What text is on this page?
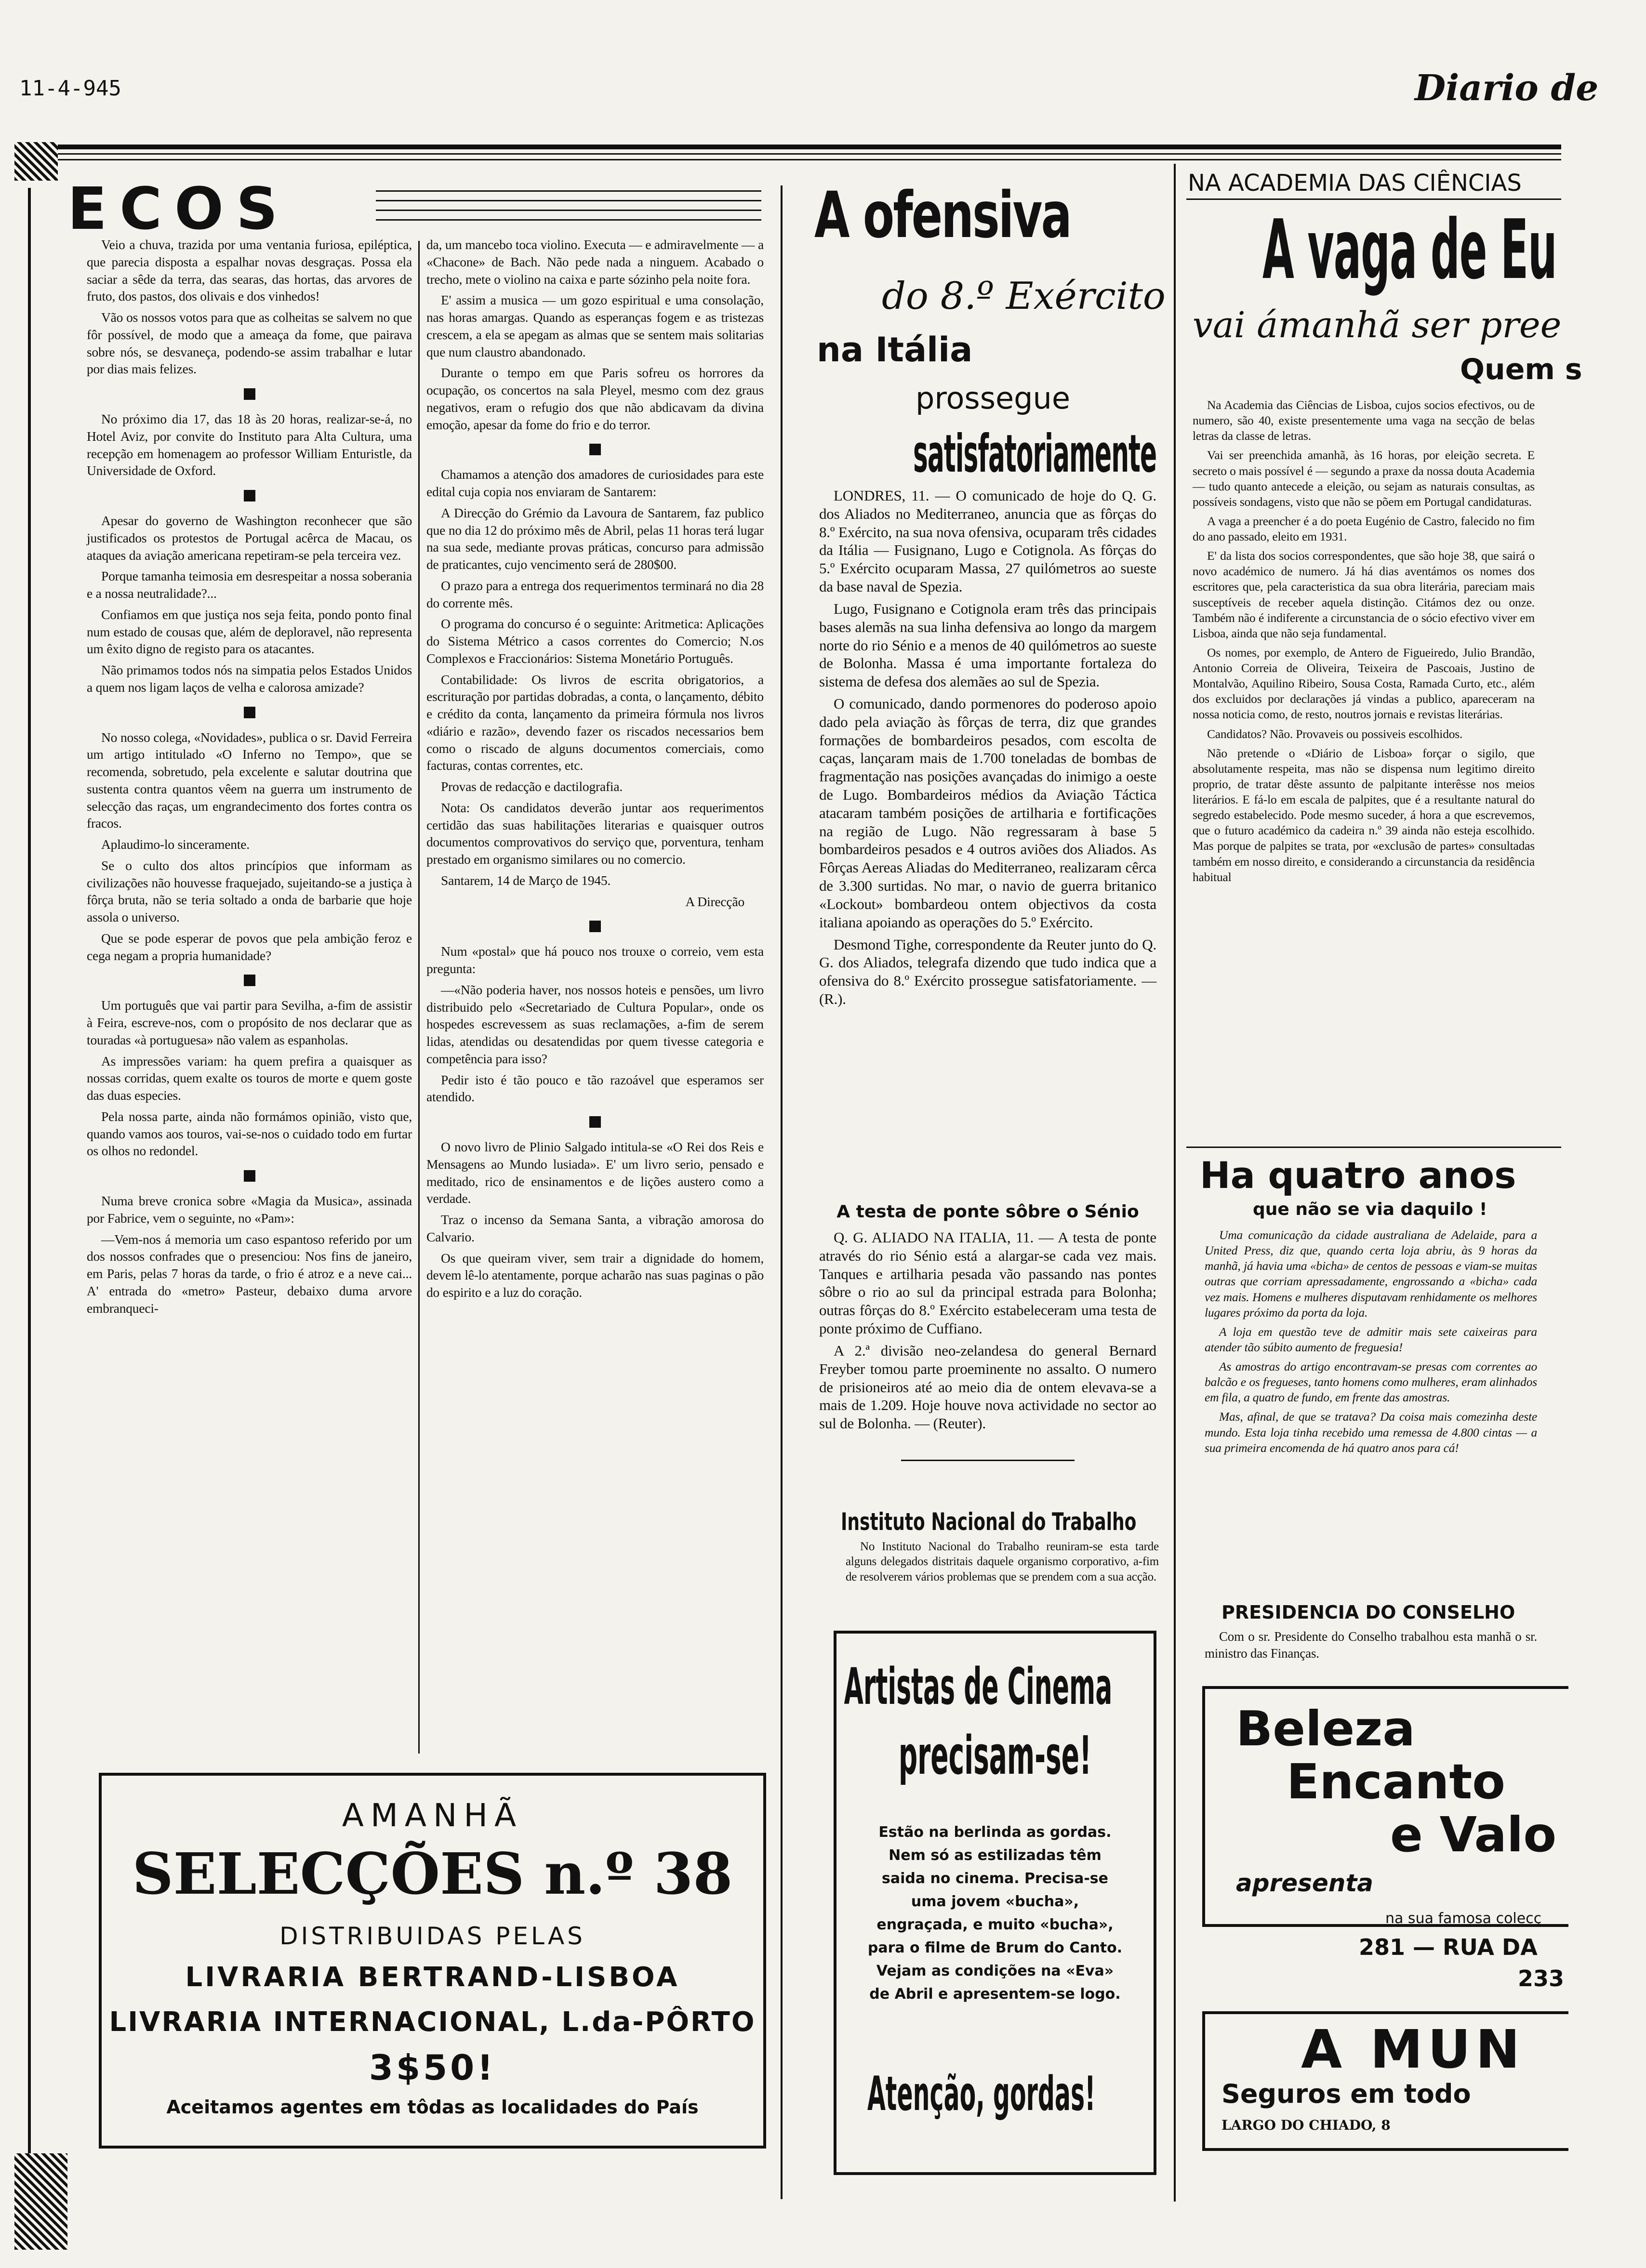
11-4-945	Diario de
ECOS

Veio a chuva, trazida por uma ventania furiosa, epiléptica, que parecia disposta a espalhar novas desgraças. Possa ela saciar a sêde da terra, das searas, das hortas, das arvores de fruto, dos pastos, dos olivais e dos vinhedos!

Vão os nossos votos para que as colheitas se salvem no que fôr possível, de modo que a ameaça da fome, que pairava sobre nós, se desvaneça, podendo-se assim trabalhar e lutar por dias mais felizes.

No próximo dia 17, das 18 às 20 horas, realizar-se-á, no Hotel Aviz, por convite do Instituto para Alta Cultura, uma recepção em homenagem ao professor William Enturistle, da Universidade de Oxford.

Apesar do governo de Washington reconhecer que são justificados os protestos de Portugal acêrca de Macau, os ataques da aviação americana repetiram-se pela terceira vez.

Porque tamanha teimosia em desrespeitar a nossa soberania e a nossa neutralidade?...

Confiamos em que justiça nos seja feita, pondo ponto final num estado de cousas que, além de deploravel, não representa um êxito digno de registo para os atacantes.

Não primamos todos nós na simpatia pelos Estados Unidos a quem nos ligam laços de velha e calorosa amizade?

No nosso colega, «Novidades», publica o sr. David Ferreira um artigo intitulado «O Inferno no Tempo», que se recomenda, sobretudo, pela excelente e salutar doutrina que sustenta contra quantos vêem na guerra um instrumento de selecção das raças, um engrandecimento dos fortes contra os fracos.

Aplaudimo-lo sinceramente.

Se o culto dos altos princípios que informam as civilizações não houvesse fraquejado, sujeitando-se a justiça à fôrça bruta, não se teria soltado a onda de barbarie que hoje assola o universo.

Que se pode esperar de povos que pela ambição feroz e cega negam a propria humanidade?

Um português que vai partir para Sevilha, a-fim de assistir à Feira, escreve-nos, com o propósito de nos declarar que as touradas «à portuguesa» não valem as espanholas.

As impressões variam: ha quem prefira a quaisquer as nossas corridas, quem exalte os touros de morte e quem goste das duas especies.

Pela nossa parte, ainda não formámos opinião, visto que, quando vamos aos touros, vai-se-nos o cuidado todo em furtar os olhos no redondel.

Numa breve cronica sobre «Magia da Musica», assinada por Fabrice, vem o seguinte, no «Pam»:

—Vem-nos á memoria um caso espantoso referido por um dos nossos confrades que o presenciou: Nos fins de janeiro, em Paris, pelas 7 horas da tarde, o frio é atroz e a neve cai... A' entrada do «metro» Pasteur, debaixo duma arvore embranqueci-

da, um mancebo toca violino. Executa — e admiravelmente — a «Chacone» de Bach. Não pede nada a ninguem. Acabado o trecho, mete o violino na caixa e parte sózinho pela noite fora.

E' assim a musica — um gozo espiritual e uma consolação, nas horas amargas. Quando as esperanças fogem e as tristezas crescem, a ela se apegam as almas que se sentem mais solitarias que num claustro abandonado.

Durante o tempo em que Paris sofreu os horrores da ocupação, os concertos na sala Pleyel, mesmo com dez graus negativos, eram o refugio dos que não abdicavam da divina emoção, apesar da fome do frio e do terror.

Chamamos a atenção dos amadores de curiosidades para este edital cuja copia nos enviaram de Santarem:

A Direcção do Grémio da Lavoura de Santarem, faz publico que no dia 12 do próximo mês de Abril, pelas 11 horas terá lugar na sua sede, mediante provas práticas, concurso para admissão de praticantes, cujo vencimento será de 280$00.

O prazo para a entrega dos requerimentos terminará no dia 28 do corrente mês.

O programa do concurso é o seguinte: Aritmetica: Aplicações do Sistema Métrico a casos correntes do Comercio; N.os Complexos e Fraccionários: Sistema Monetário Português.

Contabilidade: Os livros de escrita obrigatorios, a escrituração por partidas dobradas, a conta, o lançamento, débito e crédito da conta, lançamento da primeira fórmula nos livros «diário e razão», devendo fazer os riscados necessarios bem como o riscado de alguns documentos comerciais, como facturas, contas correntes, etc.

Provas de redacção e dactilografia.

Nota: Os candidatos deverão juntar aos requerimentos certidão das suas habilitações literarias e quaisquer outros documentos comprovativos do serviço que, porventura, tenham prestado em organismo similares ou no comercio.

Santarem, 14 de Março de 1945.

A Direcção

Num «postal» que há pouco nos trouxe o correio, vem esta pregunta:

—«Não poderia haver, nos nossos hoteis e pensões, um livro distribuido pelo «Secretariado de Cultura Popular», onde os hospedes escrevessem as suas reclamações, a-fim de serem lidas, atendidas ou desatendidas por quem tivesse categoria e competência para isso?

Pedir isto é tão pouco e tão razoável que esperamos ser atendido.

O novo livro de Plinio Salgado intitula-se «O Rei dos Reis e Mensagens ao Mundo lusiada». E' um livro serio, pensado e meditado, rico de ensinamentos e de lições austero como a verdade.

Traz o incenso da Semana Santa, a vibração amorosa do Calvario.

Os que queiram viver, sem trair a dignidade do homem, devem lê-lo atentamente, porque acharão nas suas paginas o pão do espirito e a luz do coração.

AMANHÃ
SELECÇÕES n.º 38
DISTRIBUIDAS PELAS
LIVRARIA BERTRAND-LISBOA
LIVRARIA INTERNACIONAL, L.da-PÔRTO
3$50!
Aceitamos agentes em tôdas as localidades do País
A ofensiva
do 8.º Exército
na Itália
prossegue
satisfatoriamente

LONDRES, 11. — O comunicado de hoje do Q. G. dos Aliados no Mediterraneo, anuncia que as fôrças do 8.º Exército, na sua nova ofensiva, ocuparam três cidades da Itália — Fusignano, Lugo e Cotignola. As fôrças do 5.º Exército ocuparam Massa, 27 quilómetros ao sueste da base naval de Spezia.

Lugo, Fusignano e Cotignola eram três das principais bases alemãs na sua linha defensiva ao longo da margem norte do rio Sénio e a menos de 40 quilómetros ao sueste de Bolonha. Massa é uma importante fortaleza do sistema de defesa dos alemães ao sul de Spezia.

O comunicado, dando pormenores do poderoso apoio dado pela aviação às fôrças de terra, diz que grandes formações de bombardeiros pesados, com escolta de caças, lançaram mais de 1.700 toneladas de bombas de fragmentação nas posições avançadas do inimigo a oeste de Lugo. Bombardeiros médios da Aviação Táctica atacaram também posições de artilharia e fortificações na região de Lugo. Não regressaram à base 5 bombardeiros pesados e 4 outros aviões dos Aliados. As Fôrças Aereas Aliadas do Mediterraneo, realizaram cêrca de 3.300 surtidas. No mar, o navio de guerra britanico «Lockout» bombardeou ontem objectivos da costa italiana apoiando as operações do 5.º Exército.

Desmond Tighe, correspondente da Reuter junto do Q. G. dos Aliados, telegrafa dizendo que tudo indica que a ofensiva do 8.º Exército prossegue satisfatoriamente. — (R.).

A testa de ponte sôbre o Sénio

Q. G. ALIADO NA ITALIA, 11. — A testa de ponte através do rio Sénio está a alargar-se cada vez mais. Tanques e artilharia pesada vão passando nas pontes sôbre o rio ao sul da principal estrada para Bolonha; outras fôrças do 8.º Exército estabeleceram uma testa de ponte próximo de Cuffiano.

A 2.ª divisão neo-zelandesa do general Bernard Freyber tomou parte proeminente no assalto. O numero de prisioneiros até ao meio dia de ontem elevava-se a mais de 1.209. Hoje houve nova actividade no sector ao sul de Bolonha. — (Reuter).

Instituto Nacional do Trabalho
No Instituto Nacional do Trabalho reuniram-se esta tarde alguns delegados distritais daquele organismo corporativo, a-fim de resolverem vários problemas que se prendem com a sua acção.
Artistas de Cinema
precisam-se!
Estão na berlinda as gordas. Nem só as estilizadas têm saida no cinema. Precisa-se uma jovem «bucha», engraçada, e muito «bucha», para o filme de Brum do Canto. Vejam as condições na «Eva» de Abril e apresentem-se logo.
Atenção, gordas!
NA ACADEMIA DAS CIÊNCIAS
A vaga de Eu
vai ámanhã ser pree
Quem s

Na Academia das Ciências de Lisboa, cujos socios efectivos, ou de numero, são 40, existe presentemente uma vaga na secção de belas letras da classe de letras.

Vai ser preenchida amanhã, às 16 horas, por eleição secreta. E secreto o mais possível é — segundo a praxe da nossa douta Academia — tudo quanto antecede a eleição, ou sejam as naturais consultas, as possíveis sondagens, visto que não se põem em Portugal candidaturas.

A vaga a preencher é a do poeta Eugénio de Castro, falecido no fim do ano passado, eleito em 1931.

E' da lista dos socios correspondentes, que são hoje 38, que sairá o novo académico de numero. Já há dias aventámos os nomes dos escritores que, pela caracteristica da sua obra literária, pareciam mais susceptíveis de receber aquela distinção. Citámos dez ou onze. Também não é indiferente a circunstancia de o sócio efectivo viver em Lisboa, ainda que não seja fundamental.

Os nomes, por exemplo, de Antero de Figueiredo, Julio Brandão, Antonio Correia de Oliveira, Teixeira de Pascoais, Justino de Montalvão, Aquilino Ribeiro, Sousa Costa, Ramada Curto, etc., além dos excluidos por declarações já vindas a publico, apareceram na nossa noticia como, de resto, noutros jornais e revistas literárias.

Candidatos? Não. Provaveis ou possiveis escolhidos.

Não pretende o «Diário de Lisboa» forçar o sigilo, que absolutamente respeita, mas não se dispensa num legitimo direito proprio, de tratar dêste assunto de palpitante interêsse nos meios literários. E fá-lo em escala de palpites, que é a resultante natural do segredo estabelecido. Pode mesmo suceder, á hora a que escrevemos, que o futuro académico da cadeira n.º 39 ainda não esteja escolhido. Mas porque de palpites se trata, por «exclusão de partes» consultadas também em nosso direito, e considerando a circunstancia da residência habitual

Ha quatro anos
que não se via daquilo !

Uma comunicação da cidade australiana de Adelaide, para a United Press, diz que, quando certa loja abriu, às 9 horas da manhã, já havia uma «bicha» de centos de pessoas e viam-se muitas outras que corriam apressadamente, engrossando a «bicha» cada vez mais. Homens e mulheres disputavam renhidamente os melhores lugares próximo da porta da loja.

A loja em questão teve de admitir mais sete caixeiras para atender tão súbito aumento de freguesia!

As amostras do artigo encontravam-se presas com correntes ao balcão e os fregueses, tanto homens como mulheres, eram alinhados em fila, a quatro de fundo, em frente das amostras.

Mas, afinal, de que se tratava? Da coisa mais comezinha deste mundo. Esta loja tinha recebido uma remessa de 4.800 cintas — a sua primeira encomenda de há quatro anos para cá!

PRESIDENCIA DO CONSELHO
Com o sr. Presidente do Conselho trabalhou esta manhã o sr. ministro das Finanças.
Beleza
Encanto
e Valo
apresenta
na sua famosa colecç
281 — RUA DA
233
A MUN
Seguros em todo
LARGO DO CHIADO, 8
